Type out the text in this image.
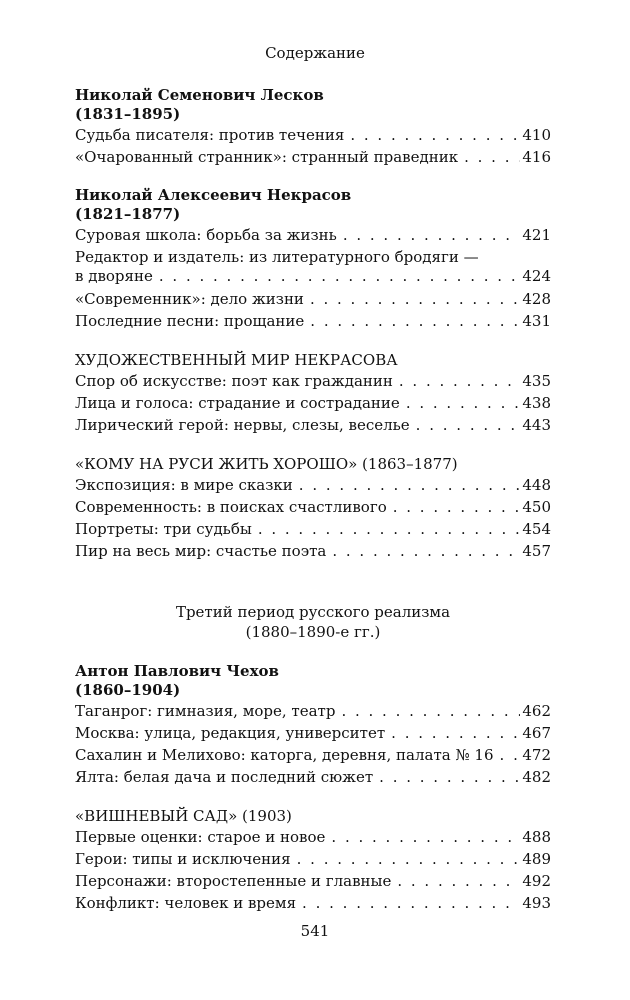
Содержание
Николай Семенович Лесков
(1831–1895)
Судьба писателя: против течения . . .	410
«Очарованный странник»: странный праведник . . .	416
Николай Алексеевич Некрасов
(1821–1877)
Суровая школа: борьба за жизнь . . .	421
Редактор и издатель: из литературного бродяги —
в дворяне . . .	424
«Современник»: дело жизни . . .	428
Последние песни: прощание . . .	431
ХУДОЖЕСТВЕННЫЙ МИР НЕКРАСОВА
Спор об искусстве: поэт как гражданин . . .	435
Лица и голоса: страдание и сострадание . . .	438
Лирический герой: нервы, слезы, веселье . . .	443
«КОМУ НА РУСИ ЖИТЬ ХОРОШО» (1863–1877)
Экспозиция: в мире сказки . . .	448
Современность: в поисках счастливого . . .	450
Портреты: три судьбы . . .	454
Пир на весь мир: счастье поэта . . .	457
Третий период русского реализма
(1880–1890-е гг.)
Антон Павлович Чехов
(1860–1904)
Таганрог: гимназия, море, театр . . .	462
Москва: улица, редакция, университет . . .	467
Сахалин и Мелихово: каторга, деревня, палата № 16 . . . 472
Ялта: белая дача и последний сюжет . . .	482
«ВИШНЕВЫЙ САД» (1903)
Первые оценки: старое и новое . . .	488
Герои: типы и исключения . . .	489
Персонажи: второстепенные и главные . . .	492
Конфликт: человек и время . . .	493
541
